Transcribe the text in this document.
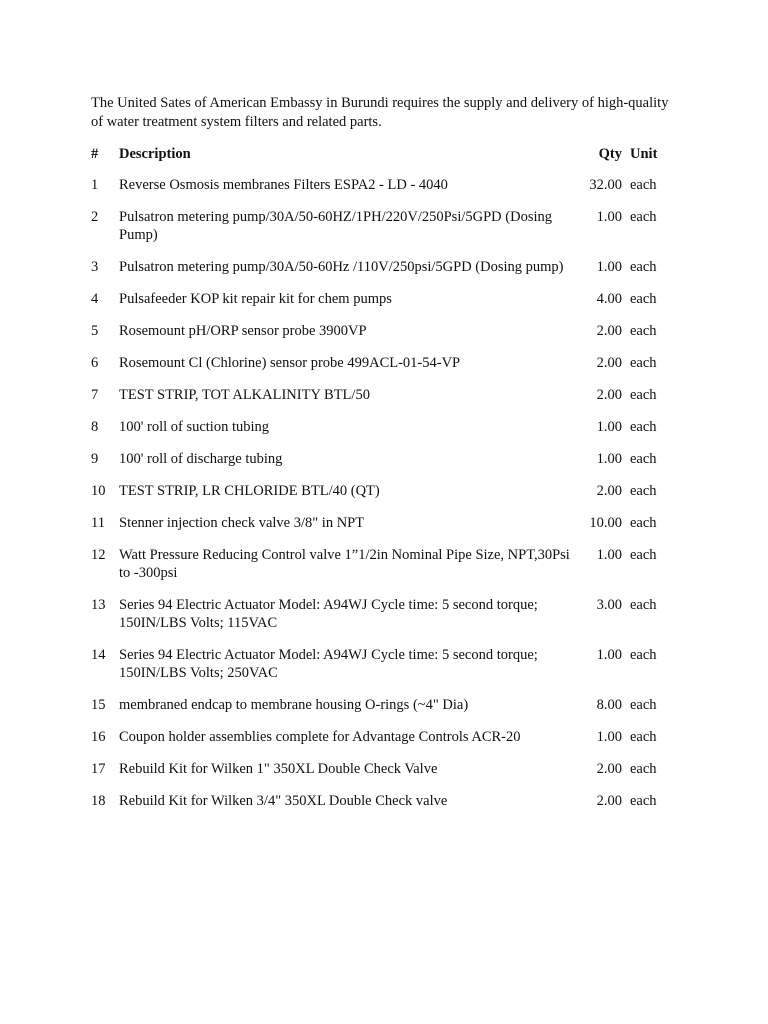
The United Sates of American Embassy in Burundi requires the supply and delivery of high-quality of water treatment system filters and related parts.

#	Description	Qty	Unit
1	Reverse Osmosis membranes Filters ESPA2 - LD - 4040	32.00	each
2	Pulsatron metering pump/30A/50-60HZ/1PH/220V/250Psi/5GPD (Dosing Pump)	1.00	each
3	Pulsatron metering pump/30A/50-60Hz /110V/250psi/5GPD (Dosing pump)	1.00	each
4	Pulsafeeder KOP kit repair kit for chem pumps	4.00	each
5	Rosemount pH/ORP sensor probe 3900VP	2.00	each
6	Rosemount Cl (Chlorine) sensor probe 499ACL-01-54-VP	2.00	each
7	TEST STRIP, TOT ALKALINITY BTL/50	2.00	each
8	100' roll of suction tubing	1.00	each
9	100' roll of discharge tubing	1.00	each
10	TEST STRIP, LR CHLORIDE BTL/40 (QT)	2.00	each
11	Stenner injection check valve 3/8" in NPT	10.00	each
12	Watt Pressure Reducing Control valve 1”1/2in Nominal Pipe Size, NPT,30Psi to -300psi	1.00	each
13	Series 94 Electric Actuator Model: A94WJ Cycle time: 5 second torque; 150IN/LBS Volts; 115VAC	3.00	each
14	Series 94 Electric Actuator Model: A94WJ Cycle time: 5 second torque; 150IN/LBS Volts; 250VAC	1.00	each
15	membraned endcap to membrane housing O-rings (~4" Dia)	8.00	each
16	Coupon holder assemblies complete for Advantage Controls ACR-20	1.00	each
17	Rebuild Kit for Wilken 1" 350XL Double Check Valve	2.00	each
18	Rebuild Kit for Wilken 3/4" 350XL Double Check valve	2.00	each
